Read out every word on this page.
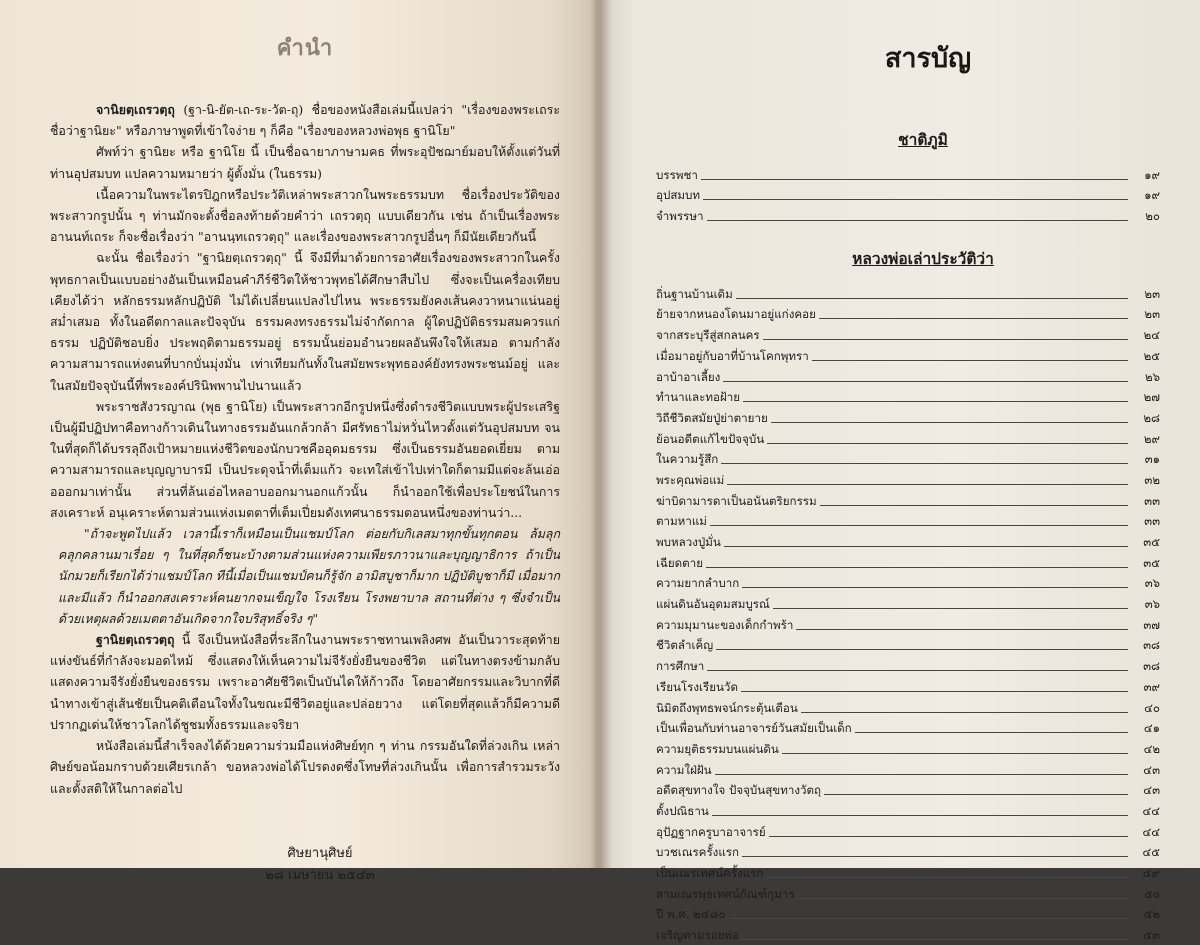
คำนำ

จานิยตฺเถรวตฺถุ (ฐา-นิ-ยัต-เถ-ระ-วัต-ถุ) ชื่อของหนังสือเล่มนี้แปลว่า "เรื่องของพระเถระชื่อว่าฐานิยะ" หรือภาษาพูดที่เข้าใจง่าย ๆ ก็คือ "เรื่องของหลวงพ่อพุธ ฐานิโย"

ศัพท์ว่า ฐานิยะ หรือ ฐานิโย นี้ เป็นชื่อฉายาภาษามคธ ที่พระอุปัชฌาย์มอบให้ตั้งแต่วันที่ท่านอุปสมบท แปลความหมายว่า ผู้ตั้งมั่น (ในธรรม)

เนื้อความในพระไตรปิฎกหรือประวัติเหล่าพระสาวกในพระธรรมบท ชื่อเรื่องประวัติของพระสาวกรูปนั้น ๆ ท่านมักจะตั้งชื่อลงท้ายด้วยคำว่า เถรวตฺถุ แบบเดียวกัน เช่น ถ้าเป็นเรื่องพระอานนท์เถระ ก็จะชื่อเรื่องว่า "อานนฺทเถรวตฺถุ" และเรื่องของพระสาวกรูปอื่นๆ ก็มีนัยเดียวกันนี้

ฉะนั้น ชื่อเรื่องว่า "ฐานิยตฺเถรวตฺถุ" นี้ จึงมีที่มาด้วยการอาศัยเรื่องของพระสาวกในครั้งพุทธกาลเป็นแบบอย่างอันเป็นเหมือนคำภีร์ชีวิตให้ชาวพุทธได้ศึกษาสืบไป ซึ่งจะเป็นเครื่องเทียบเคียงได้ว่า หลักธรรมหลักปฏิบัติ ไม่ได้เปลี่ยนแปลงไปไหน พระธรรมยังคงเส้นคงวาหนาแน่นอยู่สม่ำเสมอ ทั้งในอดีตกาลและปัจจุบัน ธรรมคงทรงธรรมไม่จำกัดกาล ผู้ใดปฏิบัติธรรมสมควรแก่ธรรม ปฏิบัติชอบยิ่ง ประพฤติตามธรรมอยู่ ธรรมนั้นย่อมอำนวยผลอันพึงใจให้เสมอ ตามกำลังความสามารถแห่งตนที่บากบั่นมุ่งมั่น เท่าเทียมกันทั้งในสมัยพระพุทธองค์ยังทรงพระชนม์อยู่ และในสมัยปัจจุบันนี้ที่พระองค์ปรินิพพานไปนานแล้ว

พระราชสังวรญาณ (พุธ ฐานิโย) เป็นพระสาวกอีกรูปหนึ่งซึ่งดำรงชีวิตแบบพระผู้ประเสริฐ เป็นผู้มีปฏิปทาคือทางก้าวเดินในทางธรรมอันแกล้วกล้า มีศรัทธาไม่หวั่นไหวตั้งแต่วันอุปสมบท จนในที่สุดก็ได้บรรลุถึงเป้าหมายแห่งชีวิตของนักบวชคืออุดมธรรม ซึ่งเป็นธรรมอันยอดเยี่ยม ตามความสามารถและบุญญาบารมี เป็นประดุจน้ำที่เต็มแก้ว จะเทใส่เข้าไปเท่าใดก็ตามมีแต่จะล้นเอ่ออออกมาเท่านั้น ส่วนที่ล้นเอ่อไหลอาบออกมานอกแก้วนั้น ก็นำออกใช้เพื่อประโยชน์ในการสงเคราะห์ อนุเคราะห์ตามส่วนแห่งเมตตาที่เต็มเปี่ยมดังเทศนาธรรมตอนหนึ่งของท่านว่า...

"ถ้าจะพูดไปแล้ว เวลานี้เราก็เหมือนเป็นแชมป์โลก ต่อยกับกิเลสมาทุกขั้นทุกตอน ล้มลุกคลุกคลานมาเรื่อย ๆ ในที่สุดก็ชนะบ้างตามส่วนแห่งความเพียรภาวนาและบุญญาธิการ ถ้าเป็นนักมวยก็เรียกได้ว่าแชมป์โลก ทีนี้เมื่อเป็นแชมป์คนก็รู้จัก อามิสบูชาก็มาก ปฏิบัติบูชาก็มี เมื่อมากและมีแล้ว ก็นำออกสงเคราะห์คนยากจนเข็ญใจ โรงเรียน โรงพยาบาล สถานที่ต่าง ๆ ซึ่งจำเป็นด้วยเหตุผลด้วยเมตตาอันเกิดจากใจบริสุทธิ์จริง ๆ"

ฐานิยตฺเถรวตฺถุ นี้ จึงเป็นหนังสือที่ระลึกในงานพระราชทานเพลิงศพ อันเป็นวาระสุดท้ายแห่งขันธ์ที่กำลังจะมอดไหม้ ซึ่งแสดงให้เห็นความไม่จีรังยั่งยืนของชีวิต แต่ในทางตรงข้ามกลับแสดงความจีรังยั่งยืนของธรรม เพราะอาศัยชีวิตเป็นบันไดให้ก้าวถึง โดยอาศัยกรรมและวิบากที่ดีนำทางเข้าสู่เส้นชัยเป็นคติเตือนใจทั้งในขณะมีชีวิตอยู่และปล่อยวาง แต่โดยที่สุดแล้วก็มีความดีปรากฏเด่นให้ชาวโลกได้ชูชมทั้งธรรมและจริยา

หนังสือเล่มนี้สำเร็จลงได้ด้วยความร่วมมือแห่งศิษย์ทุก ๆ ท่าน กรรมอันใดที่ล่วงเกิน เหล่าศิษย์ขอน้อมกราบด้วยเศียรเกล้า ขอหลวงพ่อได้โปรดงดซึ่งโทษที่ล่วงเกินนั้น เพื่อการสำรวมระวังและตั้งสติให้ในกาลต่อไป

ศิษยานุศิษย์
๒๘ เมษายน ๒๕๔๓
สารบัญ
ชาติภูมิ
บรรพชา	๑๙
อุปสมบท	๑๙
จำพรรษา	๒๐
หลวงพ่อเล่าประวัติว่า
ถิ่นฐานบ้านเดิม	๒๓
ย้ายจากหนองโดนมาอยู่แก่งคอย	๒๓
จากสระบุรีสู่สกลนคร	๒๔
เมื่อมาอยู่กับอาที่บ้านโคกพุทรา	๒๕
อาบ้าอาเลี้ยง	๒๖
ทำนาและทอฝ้าย	๒๗
วิถีชีวิตสมัยปู่ย่าตายาย	๒๘
ย้อนอดีตแก้ไขปัจจุบัน	๒๙
ในความรู้สึก	๓๑
พระคุณพ่อแม่	๓๒
ฆ่าบิดามารดาเป็นอนันตริยกรรม	๓๓
ตามหาแม่	๓๓
พบหลวงปู่มั่น	๓๕
เฉียดตาย	๓๕
ความยากลำบาก	๓๖
แผ่นดินอันอุดมสมบูรณ์	๓๖
ความมุมานะของเด็กกำพร้า	๓๗
ชีวิตลำเค็ญ	๓๘
การศึกษา	๓๘
เรียนโรงเรียนวัด	๓๙
นิมิตถึงพุทธพจน์กระตุ้นเตือน	๔๐
เป็นเพื่อนกับท่านอาจารย์วันสมัยเป็นเด็ก	๔๑
ความยุติธรรมบนแผ่นดิน	๔๒
ความใฝ่ฝัน	๔๓
อดีตสุขทางใจ ปัจจุบันสุขทางวัตถุ	๔๓
ตั้งปณิธาน	๔๔
อุปัฏฐากครูบาอาจารย์	๔๔
บวชเณรครั้งแรก	๔๕
เป็นเณรเทศน์ครั้งแรก	๔๙
สามเณรพุธเทศน์กัณฑ์กุมาร	๕๐
ปี พ.ศ. ๒๔๘๐	๕๒
เจริญตามรอยพ่อ	๕๓
